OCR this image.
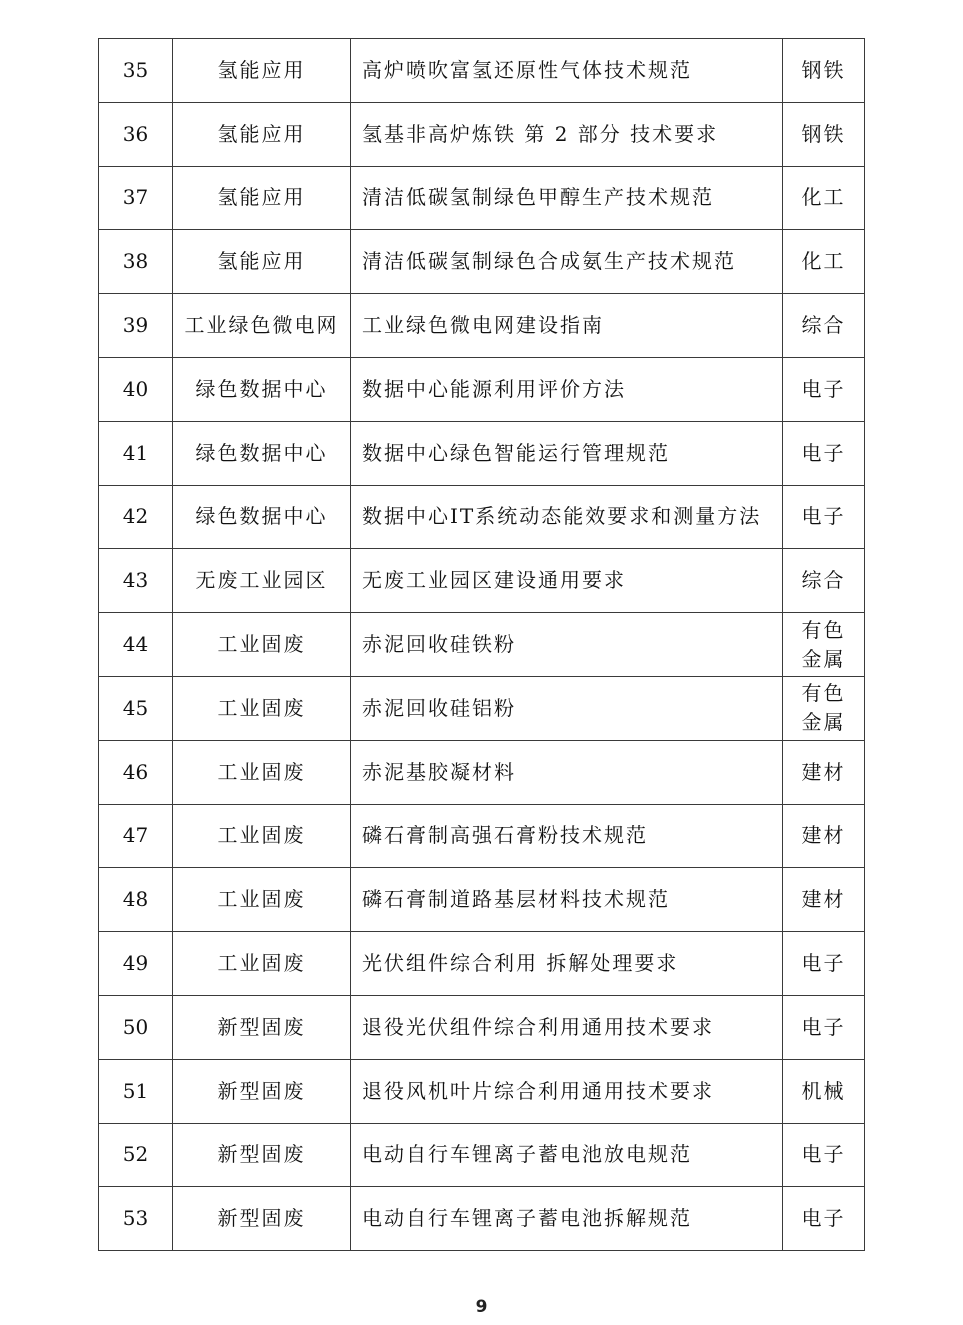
35	氢能应用	高炉喷吹富氢还原性气体技术规范	钢铁
36	氢能应用	氢基非高炉炼铁 第 2 部分 技术要求	钢铁
37	氢能应用	清洁低碳氢制绿色甲醇生产技术规范	化工
38	氢能应用	清洁低碳氢制绿色合成氨生产技术规范	化工
39	工业绿色微电网	工业绿色微电网建设指南	综合
40	绿色数据中心	数据中心能源利用评价方法	电子
41	绿色数据中心	数据中心绿色智能运行管理规范	电子
42	绿色数据中心	数据中心IT系统动态能效要求和测量方法	电子
43	无废工业园区	无废工业园区建设通用要求	综合
44	工业固废	赤泥回收硅铁粉	有色金属
45	工业固废	赤泥回收硅铝粉	有色金属
46	工业固废	赤泥基胶凝材料	建材
47	工业固废	磷石膏制高强石膏粉技术规范	建材
48	工业固废	磷石膏制道路基层材料技术规范	建材
49	工业固废	光伏组件综合利用 拆解处理要求	电子
50	新型固废	退役光伏组件综合利用通用技术要求	电子
51	新型固废	退役风机叶片综合利用通用技术要求	机械
52	新型固废	电动自行车锂离子蓄电池放电规范	电子
53	新型固废	电动自行车锂离子蓄电池拆解规范	电子
9
